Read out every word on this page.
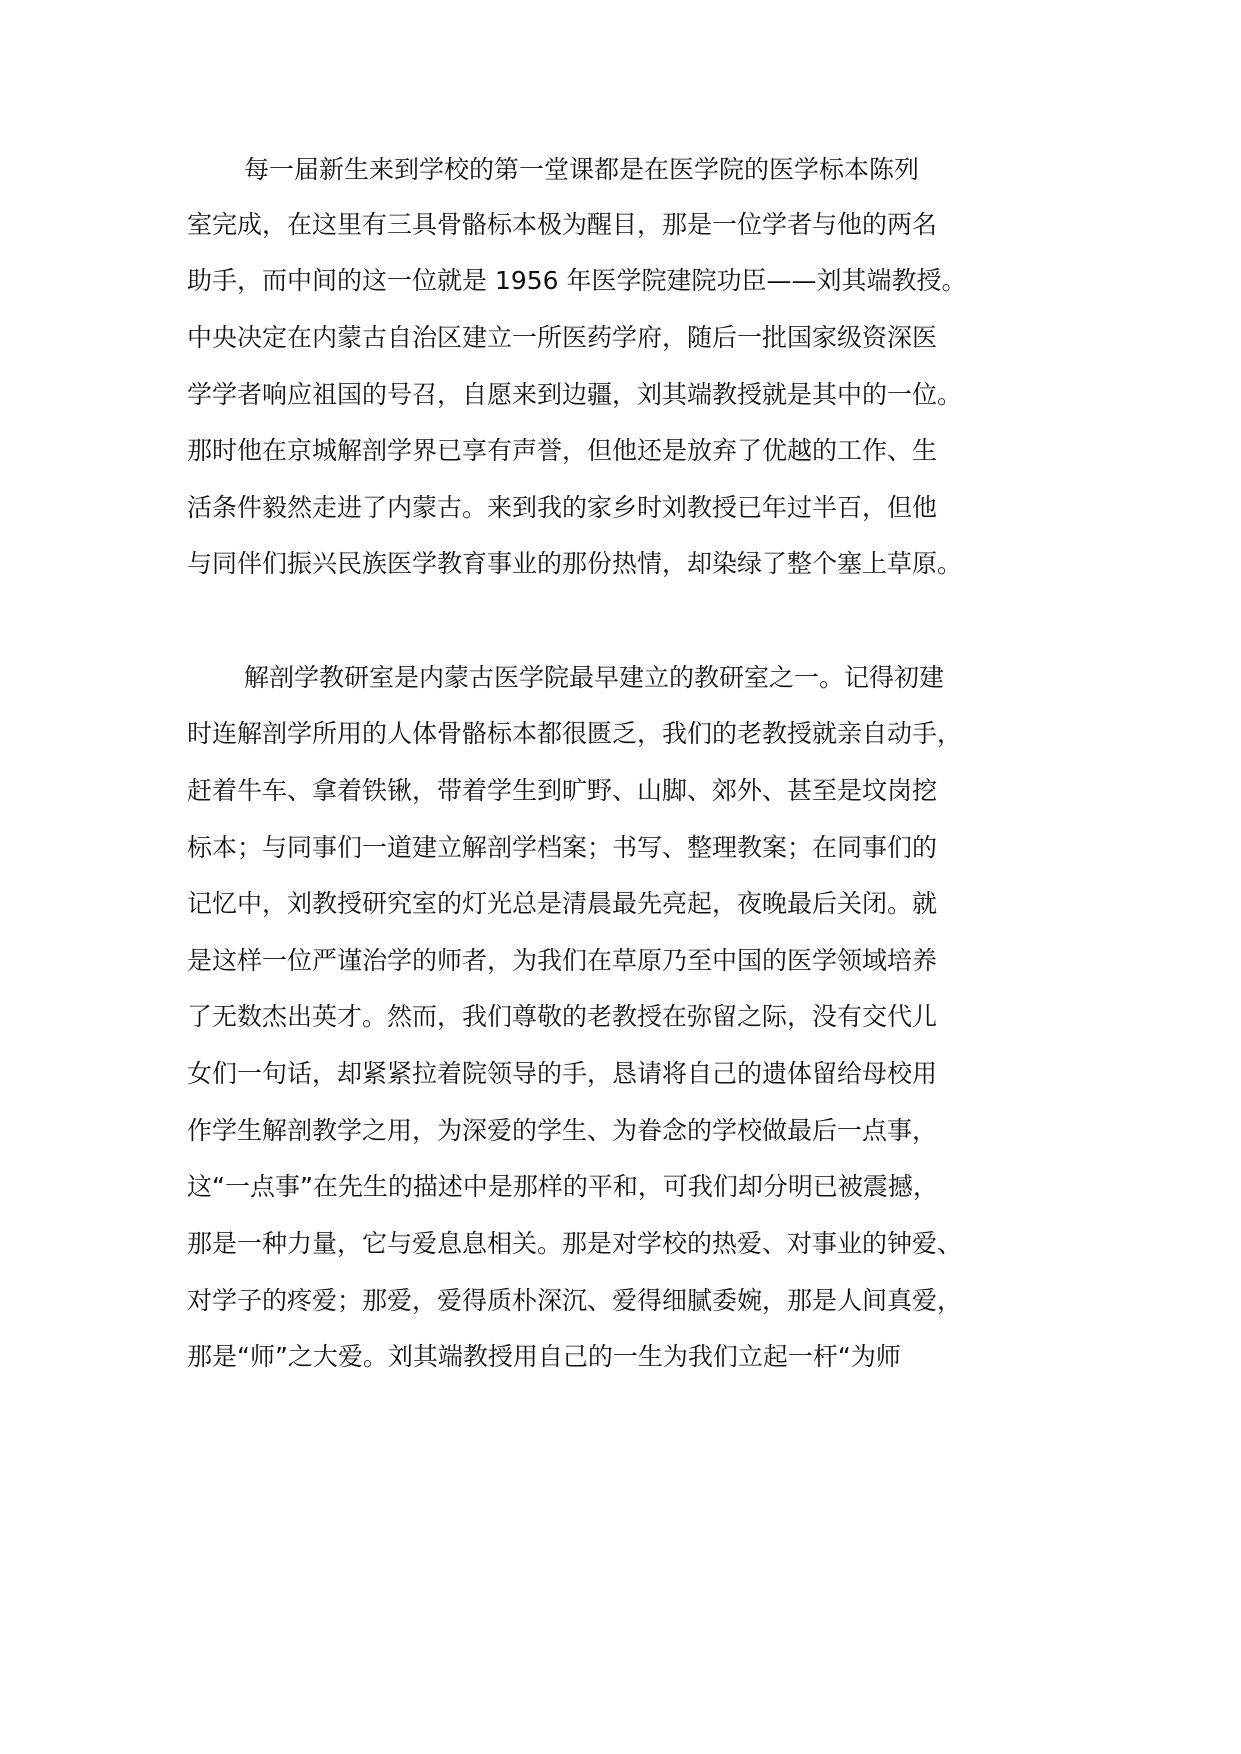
每一届新生来到学校的第一堂课都是在医学院的医学标本陈列
室完成，在这里有三具骨骼标本极为醒目，那是一位学者与他的两名
助手，而中间的这一位就是 1956 年医学院建院功臣——刘其端教授。
中央决定在内蒙古自治区建立一所医药学府，随后一批国家级资深医
学学者响应祖国的号召，自愿来到边疆，刘其端教授就是其中的一位。
那时他在京城解剖学界已享有声誉，但他还是放弃了优越的工作、生
活条件毅然走进了内蒙古。来到我的家乡时刘教授已年过半百，但他
与同伴们振兴民族医学教育事业的那份热情，却染绿了整个塞上草原。
解剖学教研室是内蒙古医学院最早建立的教研室之一。记得初建
时连解剖学所用的人体骨骼标本都很匮乏，我们的老教授就亲自动手，
赶着牛车、拿着铁锹，带着学生到旷野、山脚、郊外、甚至是坟岗挖
标本；与同事们一道建立解剖学档案；书写、整理教案；在同事们的
记忆中，刘教授研究室的灯光总是清晨最先亮起，夜晚最后关闭。就
是这样一位严谨治学的师者，为我们在草原乃至中国的医学领域培养
了无数杰出英才。然而，我们尊敬的老教授在弥留之际，没有交代儿
女们一句话，却紧紧拉着院领导的手，恳请将自己的遗体留给母校用
作学生解剖教学之用，为深爱的学生、为眷念的学校做最后一点事，
这“一点事”在先生的描述中是那样的平和，可我们却分明已被震撼，
那是一种力量，它与爱息息相关。那是对学校的热爱、对事业的钟爱、
对学子的疼爱；那爱，爱得质朴深沉、爱得细腻委婉，那是人间真爱，
那是“师”之大爱。刘其端教授用自己的一生为我们立起一杆“为师
